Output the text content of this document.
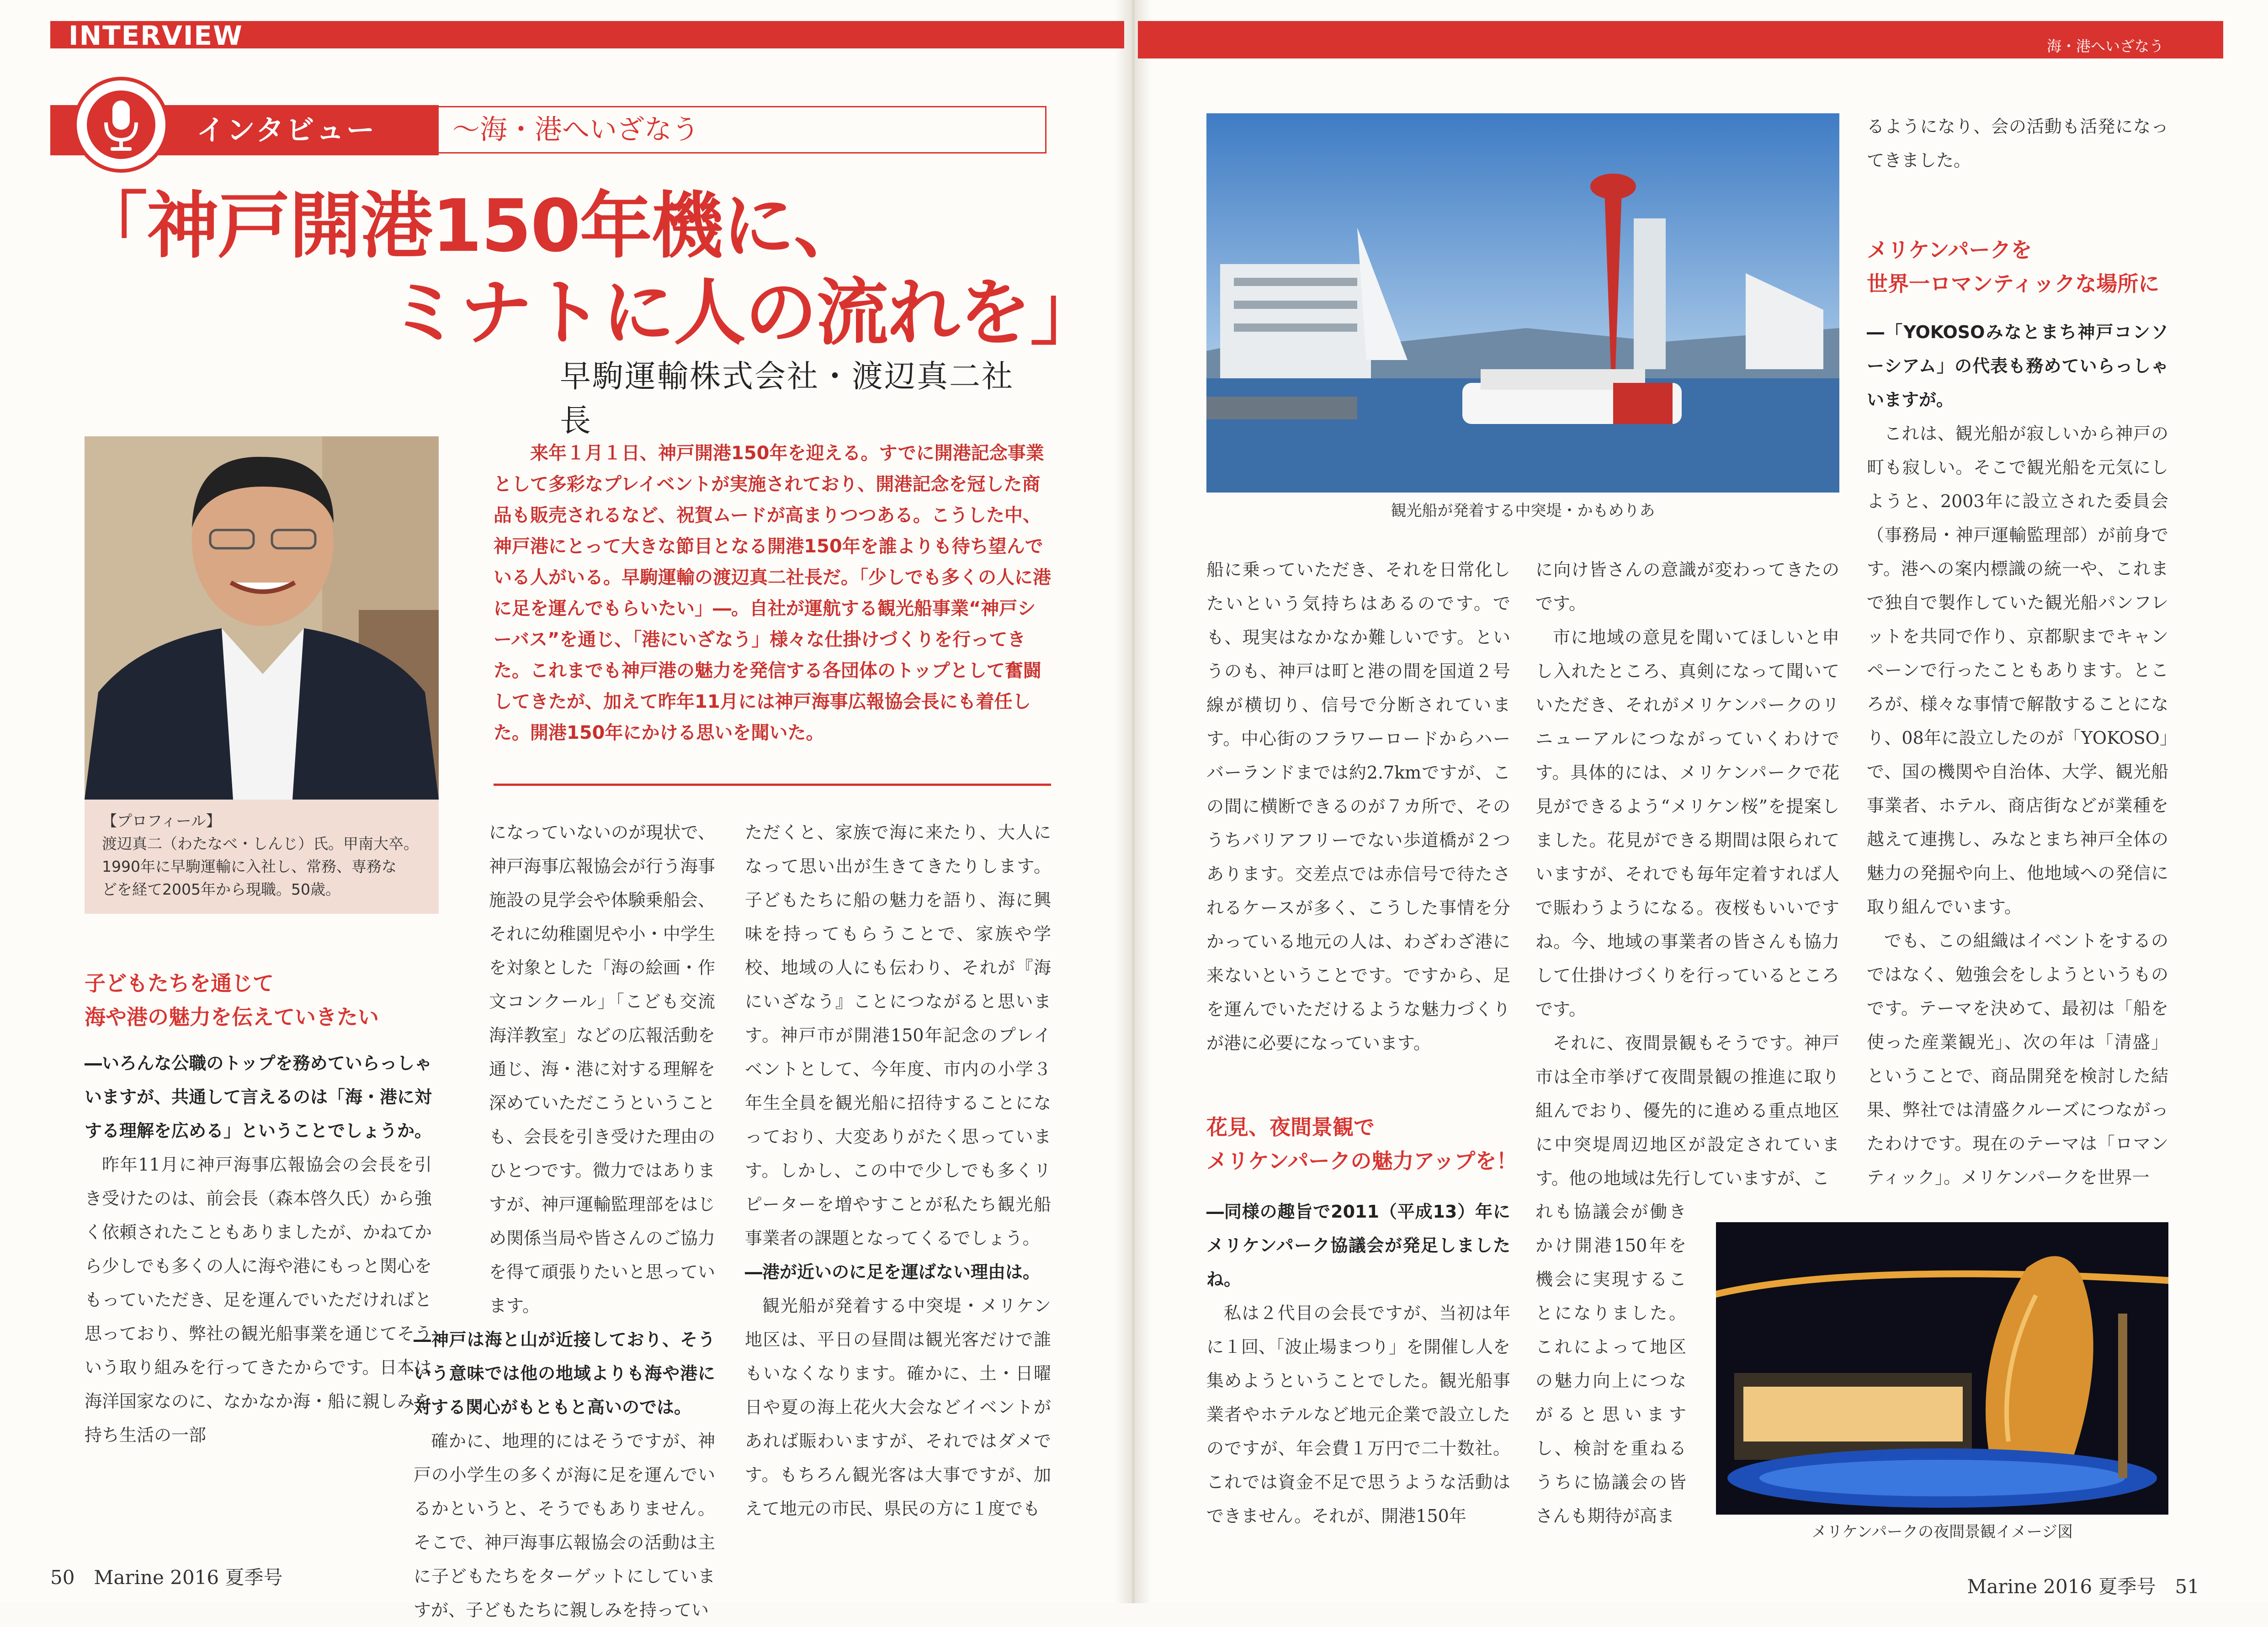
INTERVIEW	海・港へいざなう
インタビュー	〜海・港へいざなう
「神戸開港150年機に、
ミナトに人の流れを」
早駒運輸株式会社・渡辺真二社長
【プロフィール】
渡辺真二（わたなべ・しんじ）氏。甲南大卒。
1990年に早駒運輸に入社し、常務、専務な
どを経て2005年から現職。50歳。
来年１月１日、神戸開港150年を迎える。すでに開港記念事業として多彩なプレイベントが実施されており、開港記念を冠した商品も販売されるなど、祝賀ムードが高まりつつある。こうした中、神戸港にとって大きな節目となる開港150年を誰よりも待ち望んでいる人がいる。早駒運輸の渡辺真二社長だ。「少しでも多くの人に港に足を運んでもらいたい」―。自社が運航する観光船事業“神戸シーバス”を通じ、「港にいざなう」様々な仕掛けづくりを行ってきた。これまでも神戸港の魅力を発信する各団体のトップとして奮闘してきたが、加えて昨年11月には神戸海事広報協会長にも着任した。開港150年にかける思いを聞いた。
子どもたちを通じて
海や港の魅力を伝えていきたい

―いろんな公職のトップを務めていらっしゃいますが、共通して言えるのは「海・港に対する理解を広める」ということでしょうか。

昨年11月に神戸海事広報協会の会長を引き受けたのは、前会長（森本啓久氏）から強く依頼されたこともありましたが、かねてから少しでも多くの人に海や港にもっと関心をもっていただき、足を運んでいただければと思っており、弊社の観光船事業を通じてそういう取り組みを行ってきたからです。日本は海洋国家なのに、なかなか海・船に親しみを持ち生活の一部

になっていないのが現状で、神戸海事広報協会が行う海事施設の見学会や体験乗船会、それに幼稚園児や小・中学生を対象とした「海の絵画・作文コンクール」「こども交流海洋教室」などの広報活動を通じ、海・港に対する理解を深めていただこうということも、会長を引き受けた理由のひとつです。微力ではありますが、神戸運輸監理部をはじめ関係当局や皆さんのご協力を得て頑張りたいと思っています。

―神戸は海と山が近接しており、そういう意味では他の地域よりも海や港に対する関心がもともと高いのでは。

確かに、地理的にはそうですが、神戸の小学生の多くが海に足を運んでいるかというと、そうでもありません。そこで、神戸海事広報協会の活動は主に子どもたちをターゲットにしていますが、子どもたちに親しみを持ってい

ただくと、家族で海に来たり、大人になって思い出が生きてきたりします。子どもたちに船の魅力を語り、海に興味を持ってもらうことで、家族や学校、地域の人にも伝わり、それが『海にいざなう』ことにつながると思います。神戸市が開港150年記念のプレイベントとして、今年度、市内の小学３年生全員を観光船に招待することになっており、大変ありがたく思っています。しかし、この中で少しでも多くリピーターを増やすことが私たち観光船事業者の課題となってくるでしょう。

―港が近いのに足を運ばない理由は。

観光船が発着する中突堤・メリケン地区は、平日の昼間は観光客だけで誰もいなくなります。確かに、土・日曜日や夏の海上花火大会などイベントがあれば賑わいますが、それではダメです。もちろん観光客は大事ですが、加えて地元の市民、県民の方に１度でも

50　Marine 2016 夏季号
観光船が発着する中突堤・かもめりあ

船に乗っていただき、それを日常化したいという気持ちはあるのです。でも、現実はなかなか難しいです。というのも、神戸は町と港の間を国道２号線が横切り、信号で分断されています。中心街のフラワーロードからハーバーランドまでは約2.7kmですが、この間に横断できるのが７カ所で、そのうちバリアフリーでない歩道橋が２つあります。交差点では赤信号で待たされるケースが多く、こうした事情を分かっている地元の人は、わざわざ港に来ないということです。ですから、足を運んでいただけるような魅力づくりが港に必要になっています。

花見、夜間景観で
メリケンパークの魅力アップを！

―同様の趣旨で2011（平成13）年にメリケンパーク協議会が発足しましたね。

私は２代目の会長ですが、当初は年に１回、「波止場まつり」を開催し人を集めようということでした。観光船事業者やホテルなど地元企業で設立したのですが、年会費１万円で二十数社。これでは資金不足で思うような活動はできません。それが、開港150年

に向け皆さんの意識が変わってきたのです。

市に地域の意見を聞いてほしいと申し入れたところ、真剣になって聞いていただき、それがメリケンパークのリニューアルにつながっていくわけです。具体的には、メリケンパークで花見ができるよう“メリケン桜”を提案しました。花見ができる期間は限られていますが、それでも毎年定着すれば人で賑わうようになる。夜桜もいいですね。今、地域の事業者の皆さんも協力して仕掛けづくりを行っているところです。

それに、夜間景観もそうです。神戸市は全市挙げて夜間景観の推進に取り組んでおり、優先的に進める重点地区に中突堤周辺地区が設定されています。他の地域は先行していますが、こ

れも協議会が働きかけ開港150年を機会に実現することになりました。これによって地区の魅力向上につながると思いますし、検討を重ねるうちに協議会の皆さんも期待が高ま

るようになり、会の活動も活発になってきました。

メリケンパークを
世界一ロマンティックな場所に

―「YOKOSOみなとまち神戸コンソーシアム」の代表も務めていらっしゃいますが。

これは、観光船が寂しいから神戸の町も寂しい。そこで観光船を元気にしようと、2003年に設立された委員会（事務局・神戸運輸監理部）が前身です。港への案内標識の統一や、これまで独自で製作していた観光船パンフレットを共同で作り、京都駅までキャンペーンで行ったこともあります。ところが、様々な事情で解散することになり、08年に設立したのが「YOKOSO」で、国の機関や自治体、大学、観光船事業者、ホテル、商店街などが業種を越えて連携し、みなとまち神戸全体の魅力の発掘や向上、他地域への発信に取り組んでいます。

でも、この組織はイベントをするのではなく、勉強会をしようというものです。テーマを決めて、最初は「船を使った産業観光」、次の年は「清盛」ということで、商品開発を検討した結果、弊社では清盛クルーズにつながったわけです。現在のテーマは「ロマンティック」。メリケンパークを世界一

メリケンパークの夜間景観イメージ図
Marine 2016 夏季号　51
